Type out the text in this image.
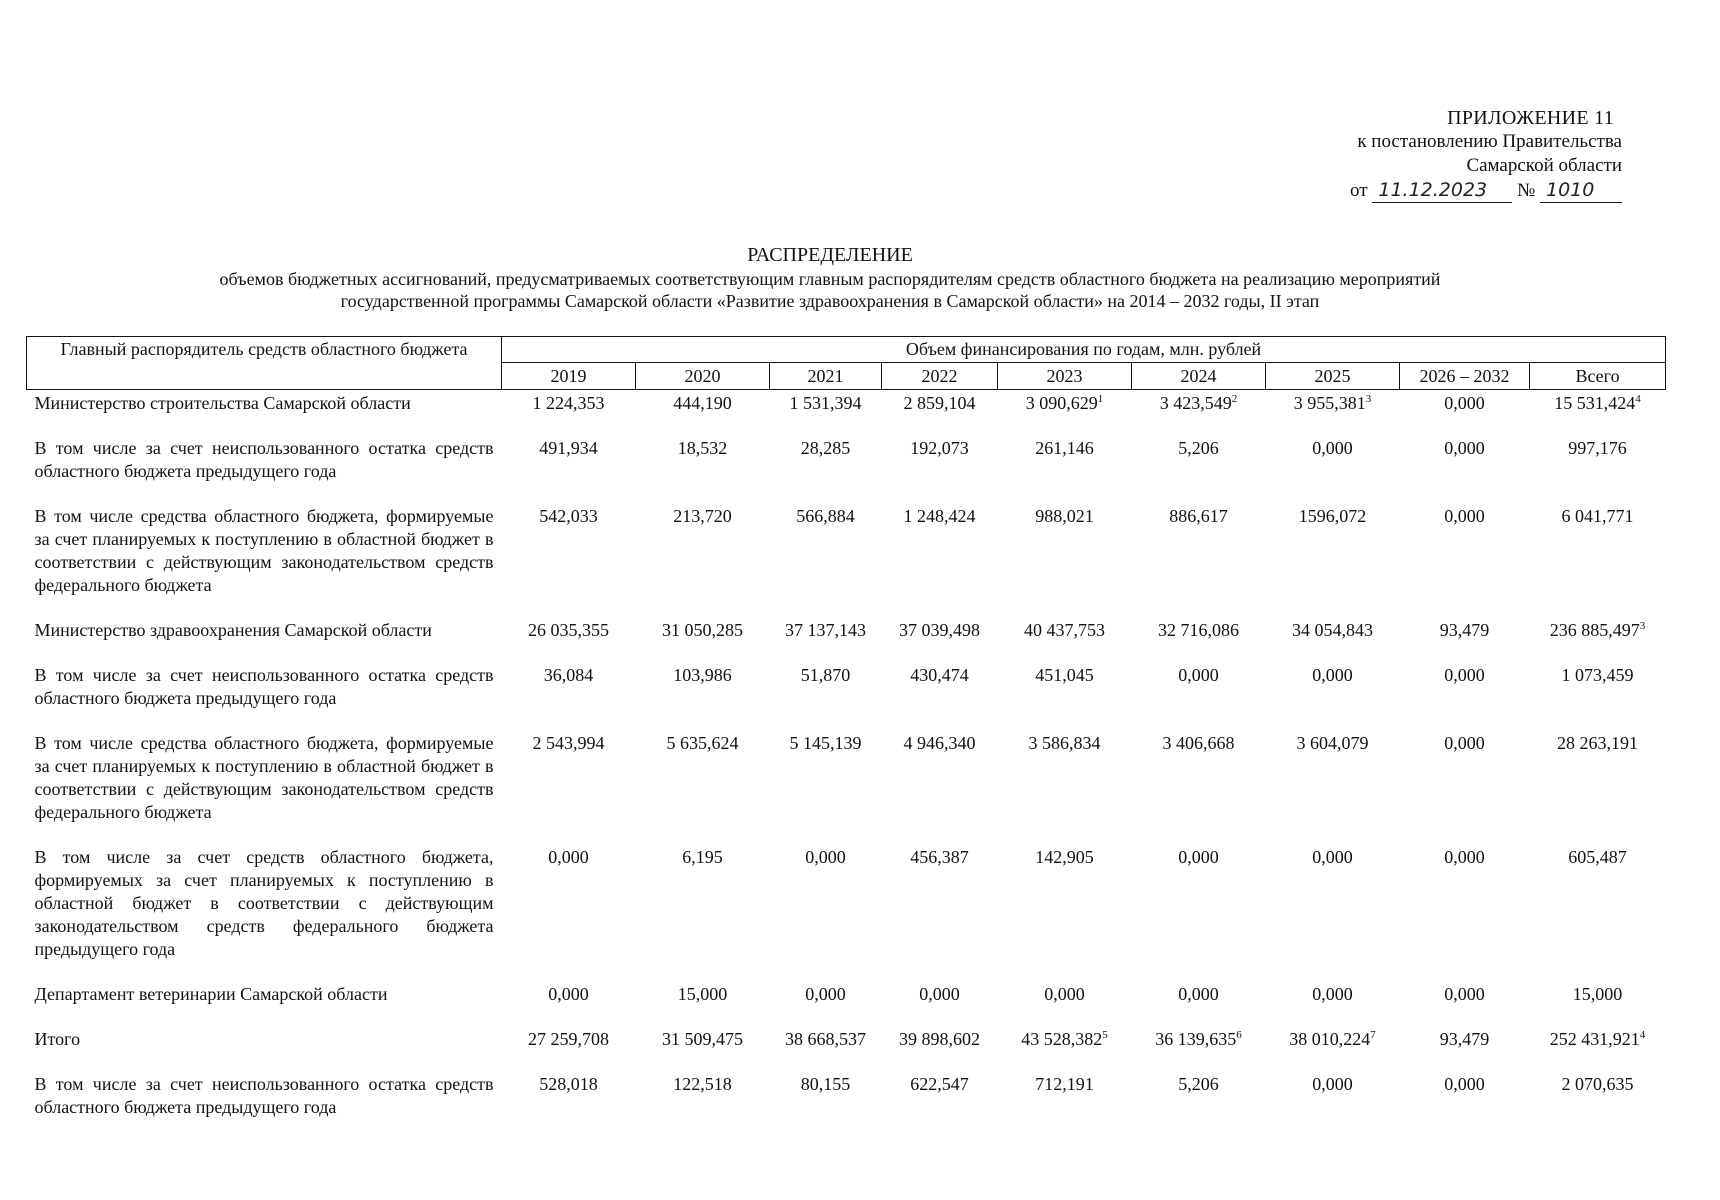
ПРИЛОЖЕНИЕ 11
к постановлению Правительства
Самарской области
от 11.12.2023 № 1010
РАСПРЕДЕЛЕНИЕ
объемов бюджетных ассигнований, предусматриваемых соответствующим главным распорядителям средств областного бюджета на реализацию мероприятий
государственной программы Самарской области «Развитие здравоохранения в Самарской области» на 2014 – 2032 годы, II этап
Главный распорядитель средств областного бюджета	Объем финансирования по годам, млн. рублей								
	2019	2020	2021	2022	2023	2024	2025	2026 – 2032	Всего
Министерство строительства Самарской области	1 224,353	444,190	1 531,394	2 859,104	3 090,629$^1$	3 423,549$^2$	3 955,381$^3$	0,000	15 531,424$^4$
В том числе за счет неиспользованного остатка средств областного бюджета предыдущего года	491,934	18,532	28,285	192,073	261,146	5,206	0,000	0,000	997,176
В том числе средства областного бюджета, формируемые за счет планируемых к поступлению в областной бюджет в соответствии с действующим законодательством средств федерального бюджета	542,033	213,720	566,884	1 248,424	988,021	886,617	1596,072	0,000	6 041,771
Министерство здравоохранения Самарской области	26 035,355	31 050,285	37 137,143	37 039,498	40 437,753	32 716,086	34 054,843	93,479	236 885,497$^3$
В том числе за счет неиспользованного остатка средств областного бюджета предыдущего года	36,084	103,986	51,870	430,474	451,045	0,000	0,000	0,000	1 073,459
В том числе средства областного бюджета, формируемые за счет планируемых к поступлению в областной бюджет в соответствии с действующим законодательством средств федерального бюджета	2 543,994	5 635,624	5 145,139	4 946,340	3 586,834	3 406,668	3 604,079	0,000	28 263,191
В том числе за счет средств областного бюджета, формируемых за счет планируемых к поступлению в областной бюджет в соответствии с действующим законодательством средств федерального бюджета предыдущего года	0,000	6,195	0,000	456,387	142,905	0,000	0,000	0,000	605,487
Департамент ветеринарии Самарской области	0,000	15,000	0,000	0,000	0,000	0,000	0,000	0,000	15,000
Итого	27 259,708	31 509,475	38 668,537	39 898,602	43 528,382$^5$	36 139,635$^6$	38 010,224$^7$	93,479	252 431,921$^4$
В том числе за счет неиспользованного остатка средств областного бюджета предыдущего года	528,018	122,518	80,155	622,547	712,191	5,206	0,000	0,000	2 070,635
